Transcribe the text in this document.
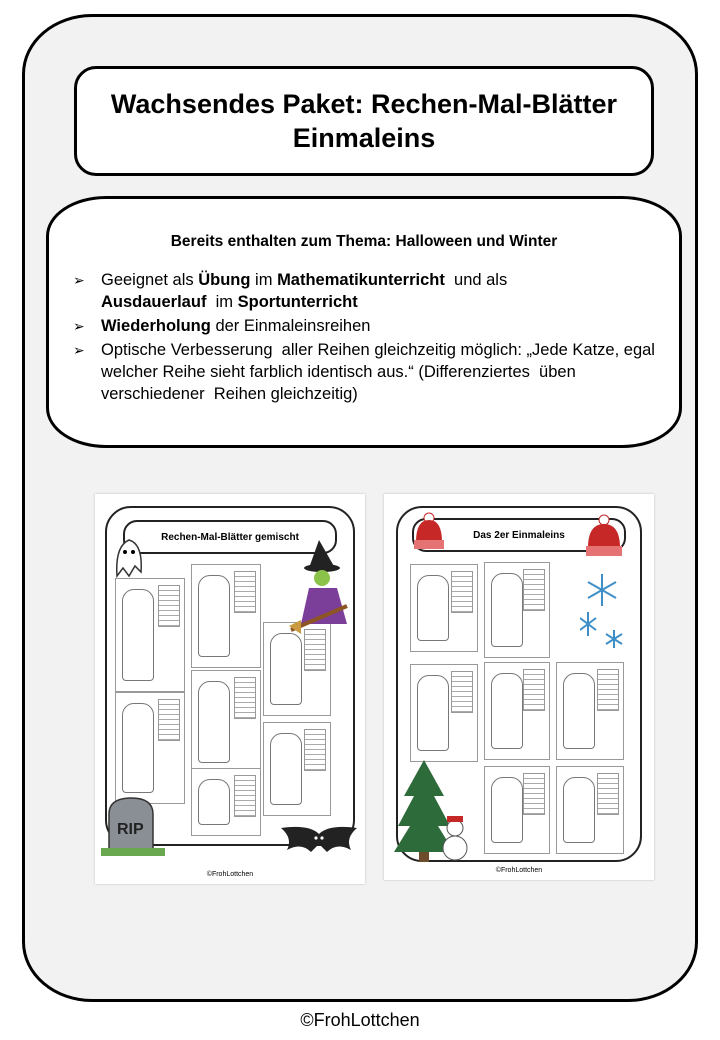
Wachsendes Paket: Rechen-Mal-Blätter
Einmaleins
Bereits enthalten zum Thema: Halloween und Winter
➢ Geeignet als Übung im Mathematikunterricht  und als
Ausdauerlauf  im Sportunterricht
➢ Wiederholung der Einmaleinsreihen
➢ Optische Verbesserung  aller Reihen gleichzeitig möglich: „Jede Katze, egal welcher Reihe sieht farblich identisch aus.“ (Differenziertes  üben verschiedener  Reihen gleichzeitig)
Rechen-Mal-Blätter gemischt
RIP
©FrohLottchen
Das 2er Einmaleins
©FrohLottchen
©FrohLottchen
